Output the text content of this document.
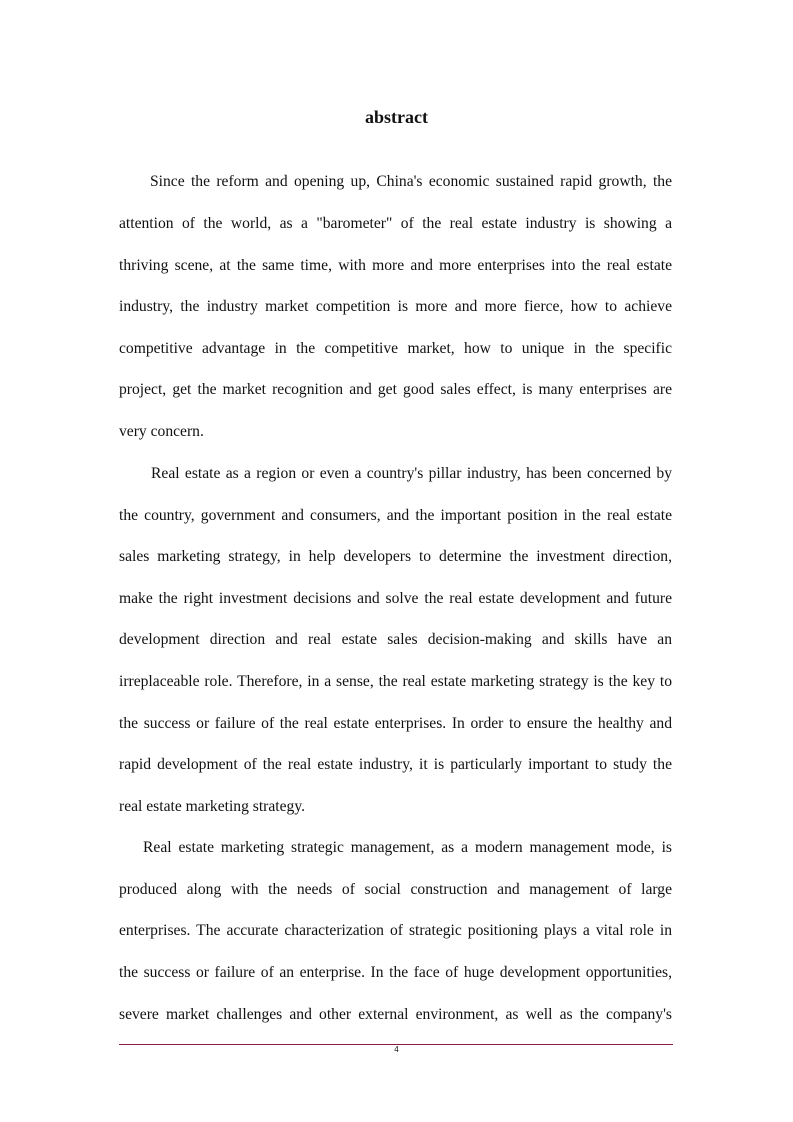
abstract
Since the reform and opening up, China's economic sustained rapid growth, the
attention of the world, as a "barometer" of the real estate industry is showing a
thriving scene, at the same time, with more and more enterprises into the real estate
industry, the industry market competition is more and more fierce, how to achieve
competitive advantage in the competitive market, how to unique in the specific
project, get the market recognition and get good sales effect, is many enterprises are
very concern.
Real estate as a region or even a country's pillar industry, has been concerned by
the country, government and consumers, and the important position in the real estate
sales marketing strategy, in help developers to determine the investment direction,
make the right investment decisions and solve the real estate development and future
development direction and real estate sales decision-making and skills have an
irreplaceable role. Therefore, in a sense, the real estate marketing strategy is the key to
the success or failure of the real estate enterprises. In order to ensure the healthy and
rapid development of the real estate industry, it is particularly important to study the
real estate marketing strategy.
Real estate marketing strategic management, as a modern management mode, is
produced along with the needs of social construction and management of large
enterprises. The accurate characterization of strategic positioning plays a vital role in
the success or failure of an enterprise. In the face of huge development opportunities,
severe market challenges and other external environment, as well as the company's
4
